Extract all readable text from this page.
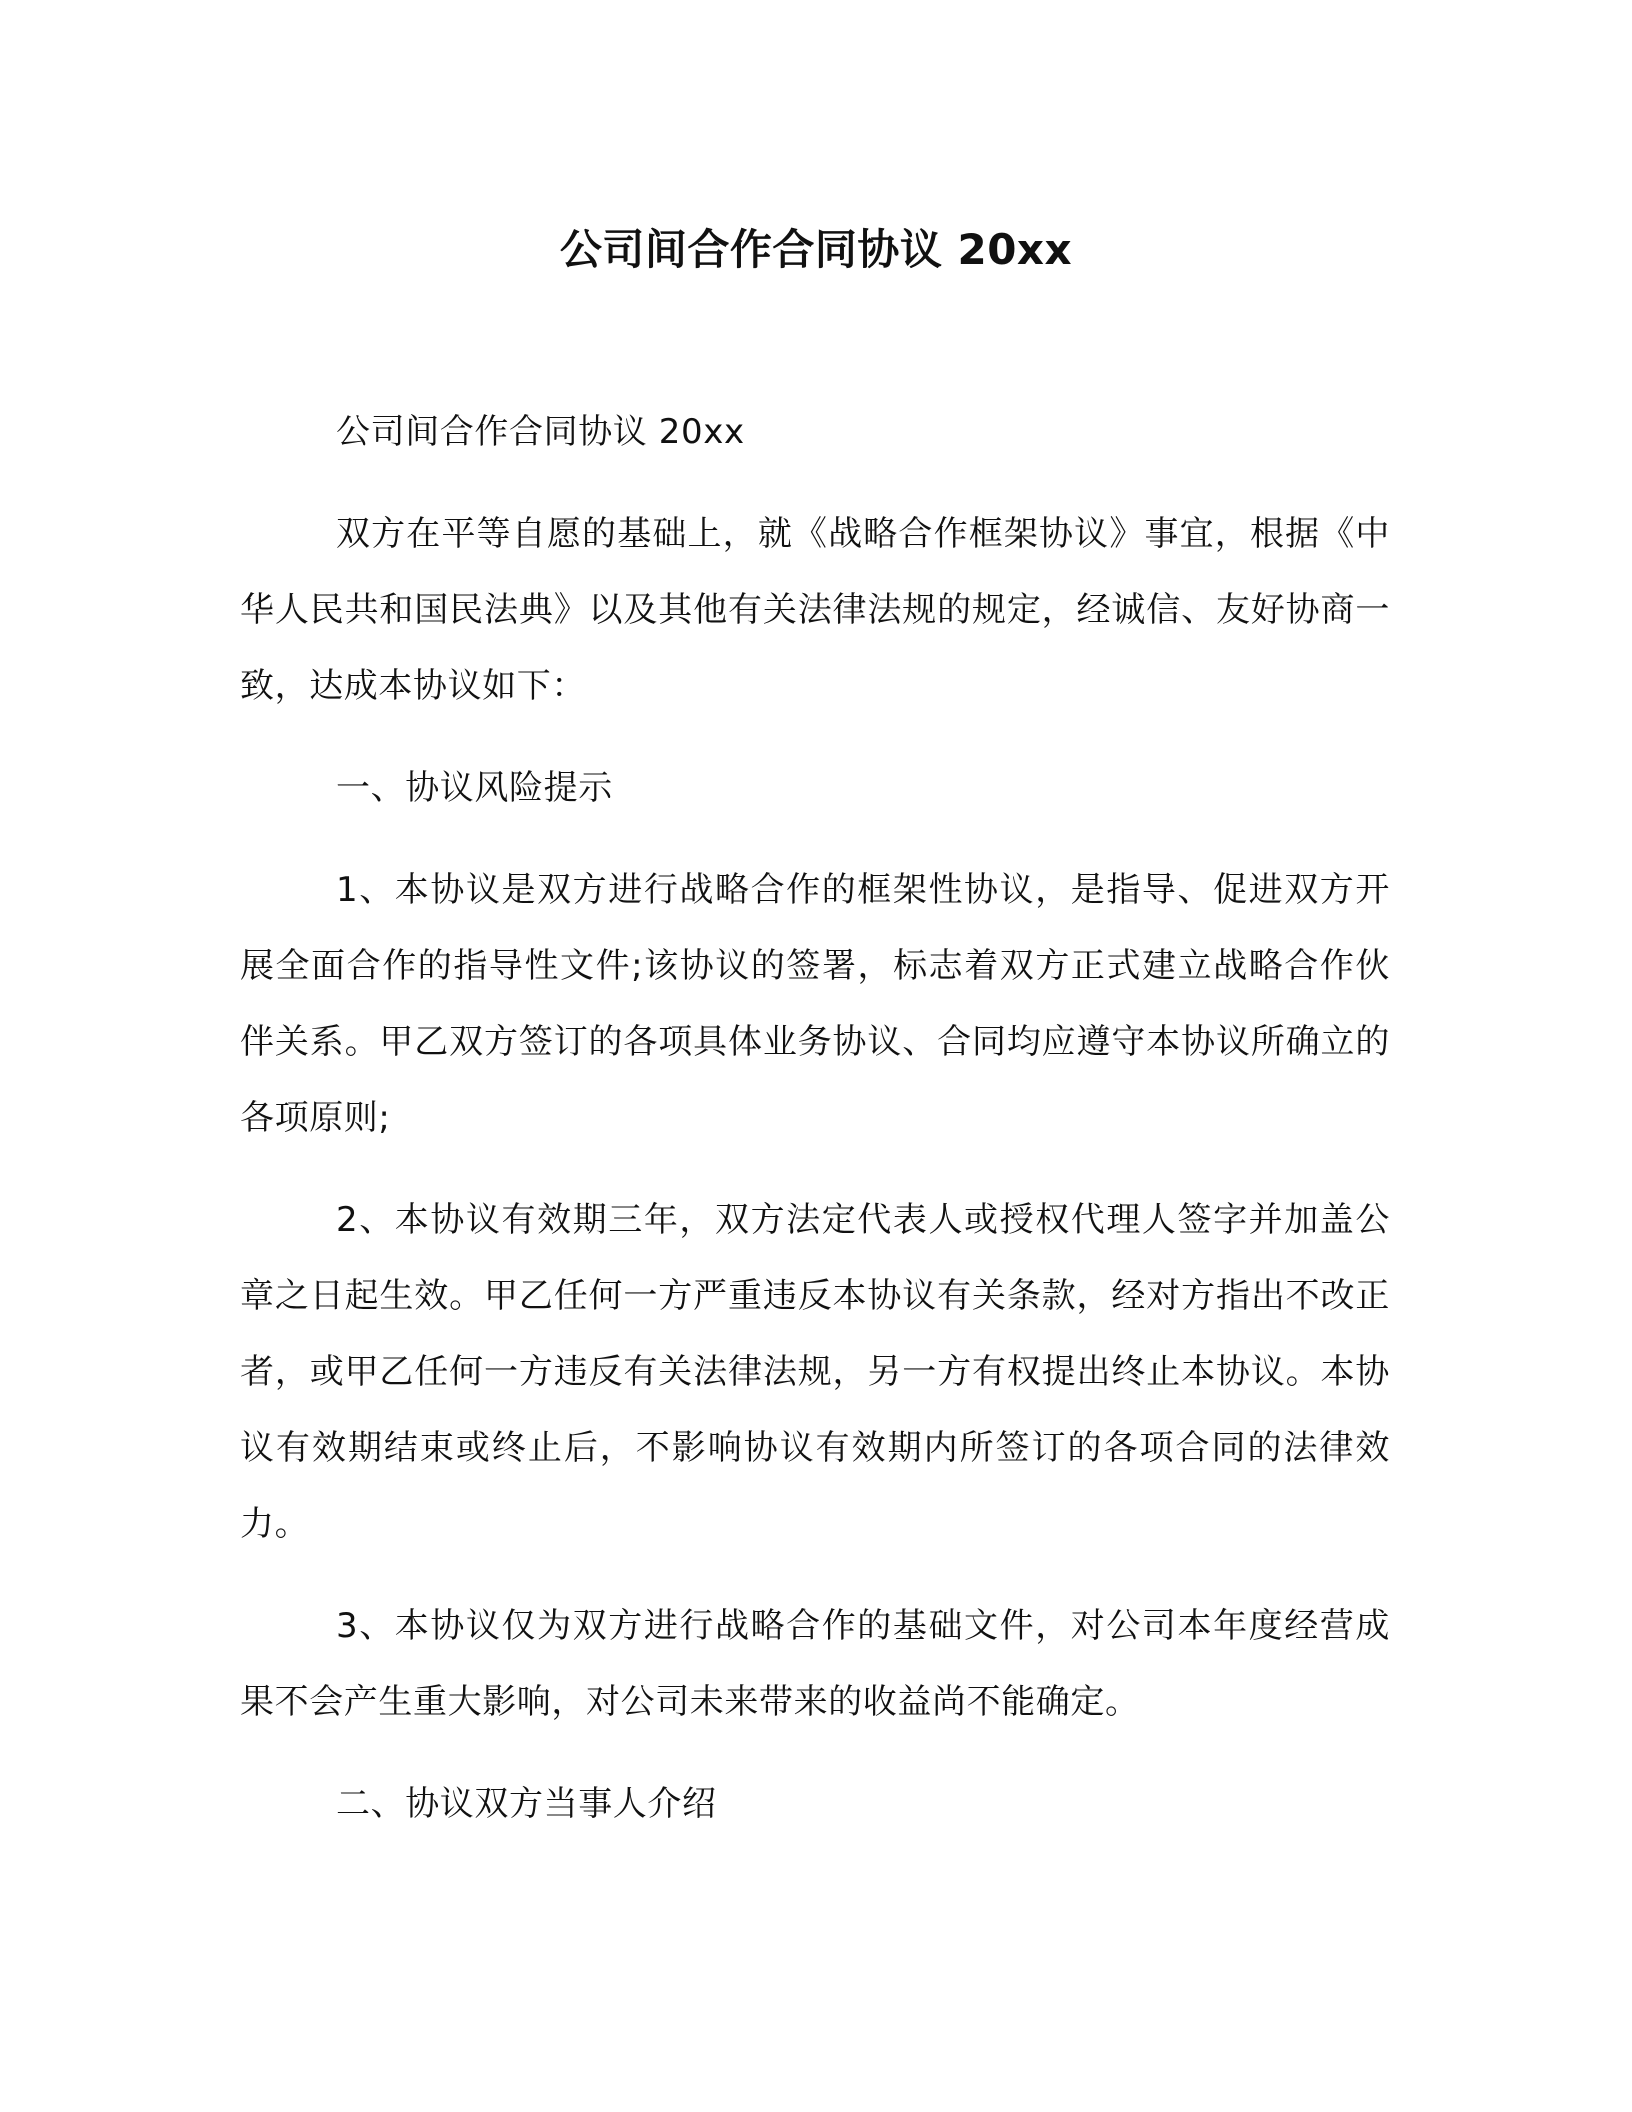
公司间合作合同协议 20xx

公司间合作合同协议 20xx

双方在平等自愿的基础上，就《战略合作框架协议》事宜，根据《中华人民共和国民法典》以及其他有关法律法规的规定，经诚信、友好协商一致，达成本协议如下：

一、协议风险提示

1、本协议是双方进行战略合作的框架性协议，是指导、促进双方开展全面合作的指导性文件;该协议的签署，标志着双方正式建立战略合作伙伴关系。甲乙双方签订的各项具体业务协议、合同均应遵守本协议所确立的各项原则;

2、本协议有效期三年，双方法定代表人或授权代理人签字并加盖公章之日起生效。甲乙任何一方严重违反本协议有关条款，经对方指出不改正者，或甲乙任何一方违反有关法律法规，另一方有权提出终止本协议。本协议有效期结束或终止后，不影响协议有效期内所签订的各项合同的法律效力。

3、本协议仅为双方进行战略合作的基础文件，对公司本年度经营成果不会产生重大影响，对公司未来带来的收益尚不能确定。

二、协议双方当事人介绍
